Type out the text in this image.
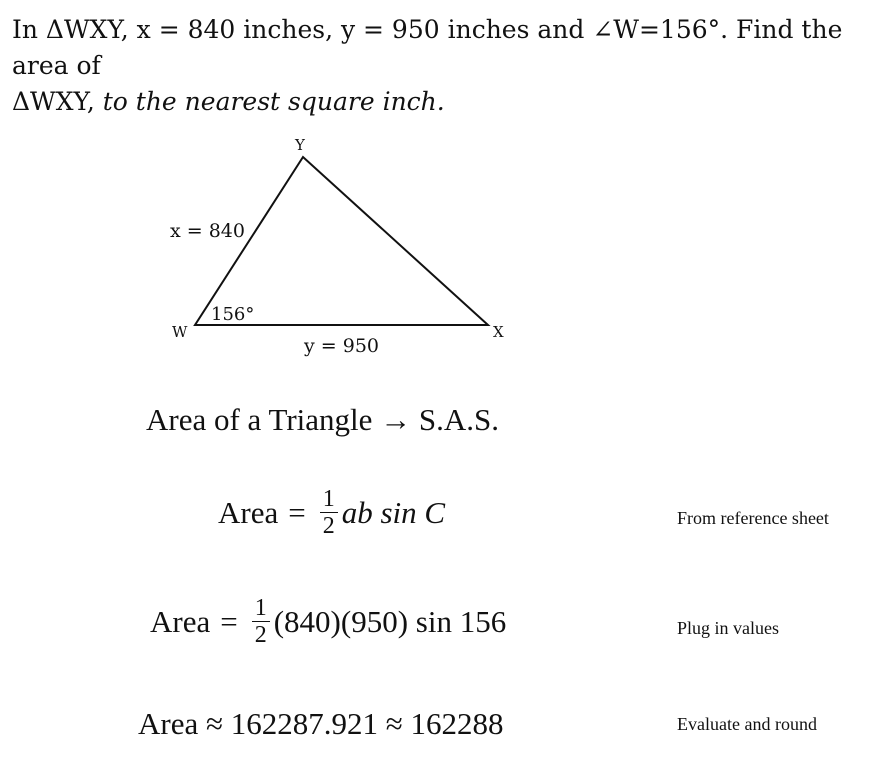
In ΔWXY, x = 840 inches, y = 950 inches and ∠W=156°. Find the area of
ΔWXY, to the nearest square inch.
Y
W	X
x = 840
y = 950
156°
Area of a Triangle → S.A.S.
Area = $\frac{1}{2}$ ab sin C	From reference sheet
Area = $\frac{1}{2} (840)(950)$ sin 156	Plug in values
Area ≈ 162287.921 ≈ 162288	Evaluate and round
